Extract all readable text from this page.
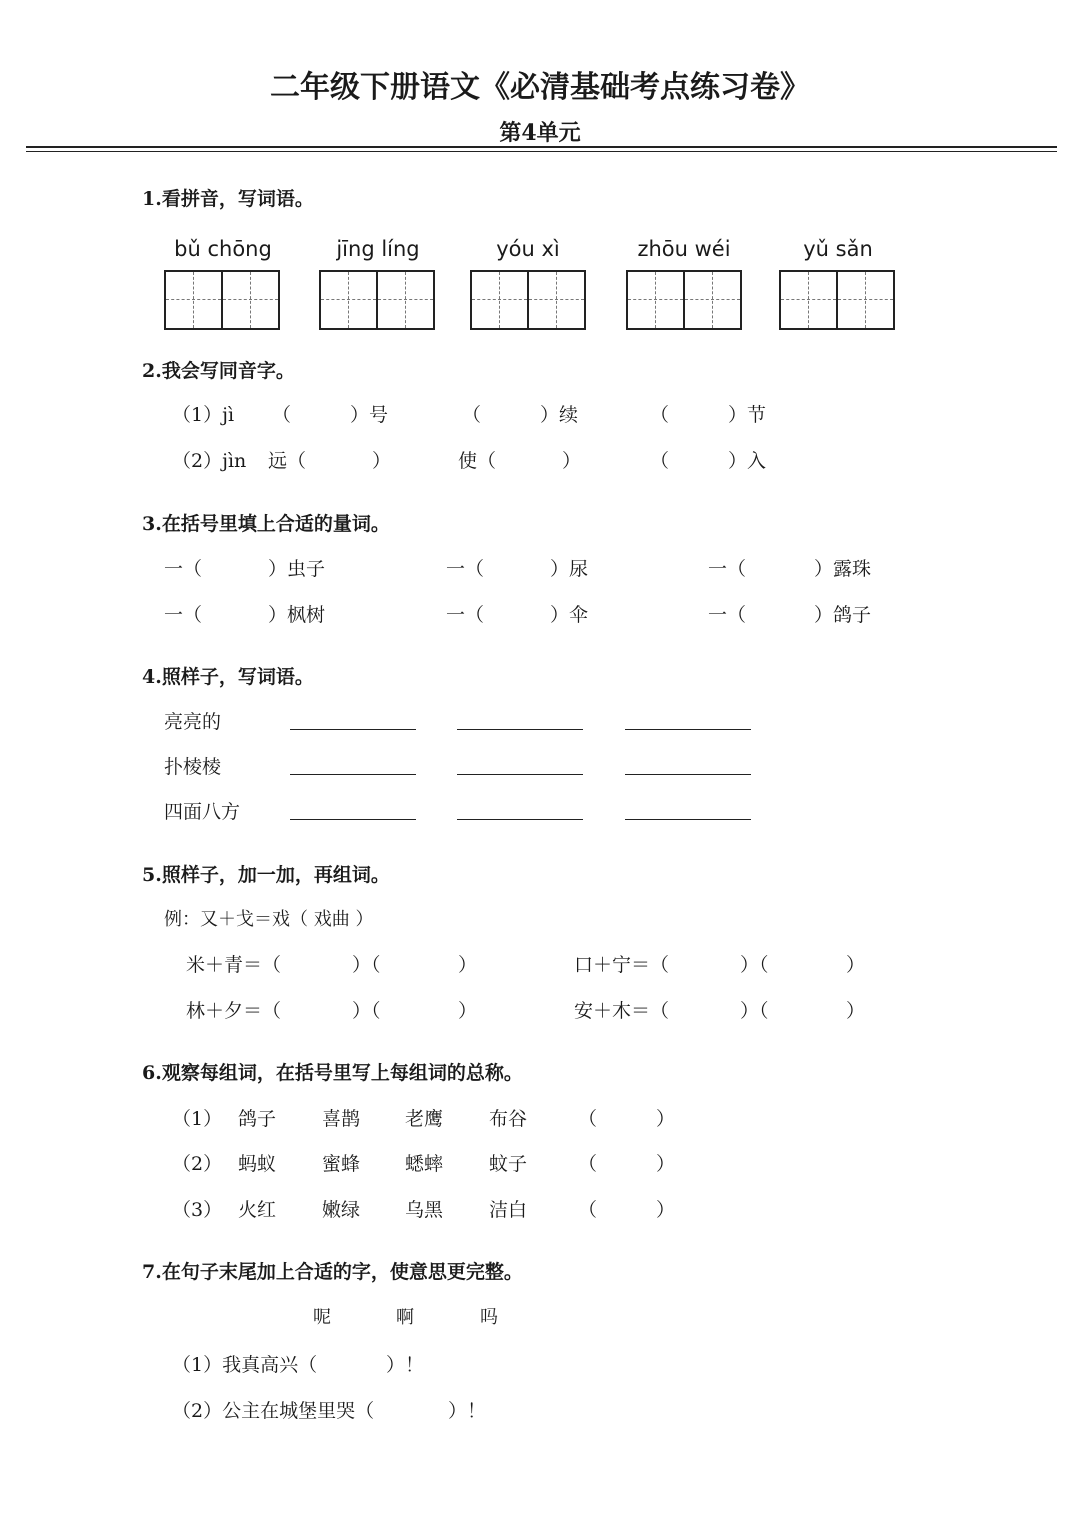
二年级下册语文《必清基础考点练习卷》
第4单元
1.看拼音，写词语。
bǔ chōng	jīng líng	yóu xì	zhōu wéi	yǔ sǎn
2.我会写同音字。
（1）jì （	）号	（	）续	（	）节
（2）jìn 远（	）	使（	）	（	）入
3.在括号里填上合适的量词。
一（	）虫子	一（	）尿	一（	）露珠
一（	）枫树	一（	）伞	一（	）鸽子
4.照样子，写词语。
亮亮的
扑棱棱
四面八方
5.照样子，加一加，再组词。
例：又＋戈＝戏（ 戏曲 ）
米＋青＝（	）（	）	口＋宁＝（	）（	）
林＋夕＝（	）（	）	安＋木＝（	）（	）
6.观察每组词，在括号里写上每组词的总称。
（1） 鸽子 喜鹊 老鹰 布谷	（	）
（2） 蚂蚁 蜜蜂 蟋蟀 蚊子	（	）
（3） 火红 嫩绿 乌黑 洁白	（	）
7.在句子末尾加上合适的字，使意思更完整。
呢	啊	吗
（1）我真高兴（	）！
（2）公主在城堡里哭（	）！
